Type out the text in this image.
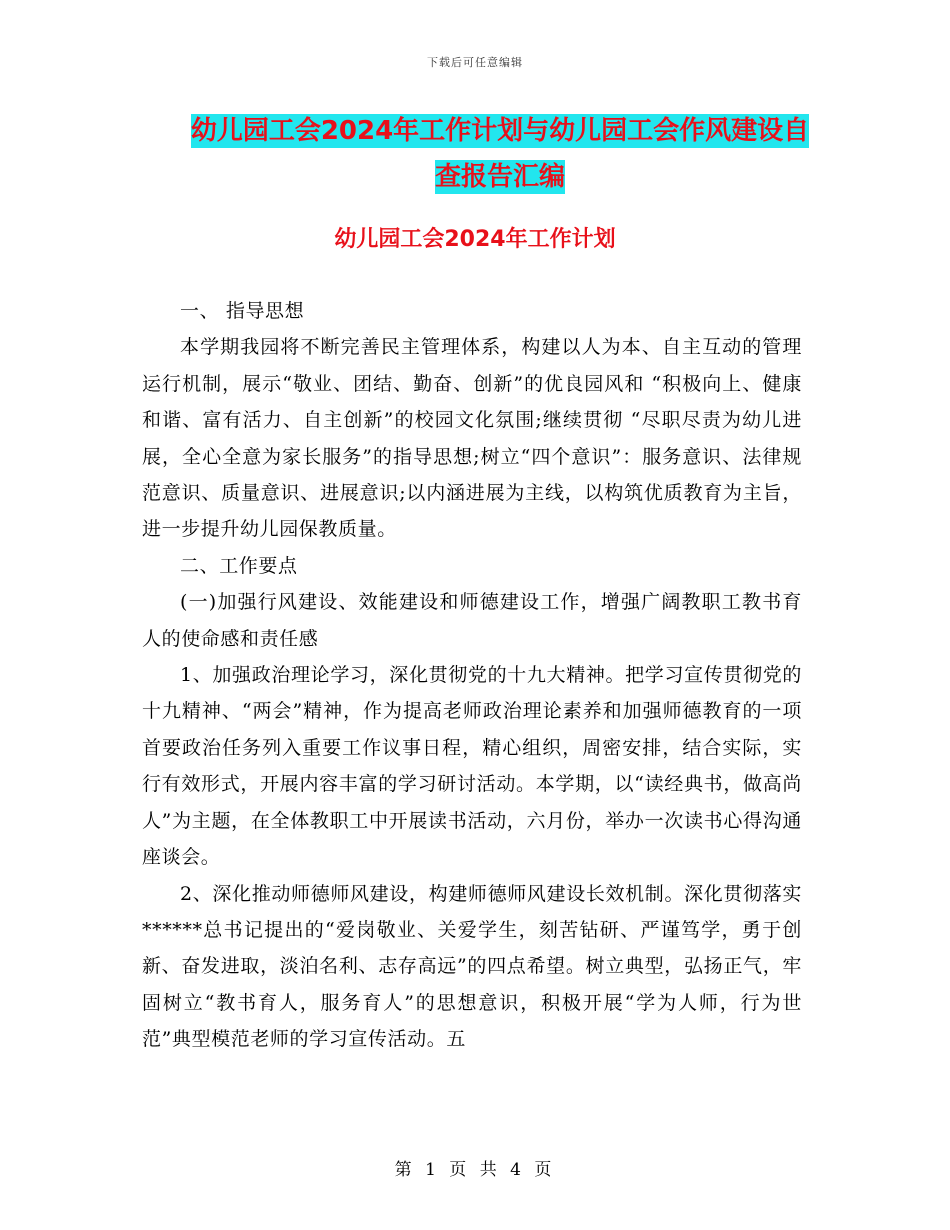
下载后可任意编辑
幼儿园工会2024年工作计划与幼儿园工会作风建设自
查报告汇编
幼儿园工会2024年工作计划

一、 指导思想

本学期我园将不断完善民主管理体系，构建以人为本、自主互动的管理运行机制，展示“敬业、团结、勤奋、创新”的优良园风和 “积极向上、健康和谐、富有活力、自主创新”的校园文化氛围;继续贯彻 “尽职尽责为幼儿进展，全心全意为家长服务”的指导思想;树立“四个意识”：服务意识、法律规范意识、质量意识、进展意识;以内涵进展为主线，以构筑优质教育为主旨，进一步提升幼儿园保教质量。

二、工作要点

(一)加强行风建设、效能建设和师德建设工作，增强广阔教职工教书育人的使命感和责任感

1、加强政治理论学习，深化贯彻党的十九大精神。把学习宣传贯彻党的十九精神、“两会”精神，作为提高老师政治理论素养和加强师德教育的一项首要政治任务列入重要工作议事日程，精心组织，周密安排，结合实际，实行有效形式，开展内容丰富的学习研讨活动。本学期，以“读经典书，做高尚人”为主题，在全体教职工中开展读书活动，六月份，举办一次读书心得沟通座谈会。

2、深化推动师德师风建设，构建师德师风建设长效机制。深化贯彻落实******总书记提出的“爱岗敬业、关爱学生，刻苦钻研、严谨笃学，勇于创新、奋发进取，淡泊名利、志存高远”的四点希望。树立典型，弘扬正气，牢固树立“教书育人，服务育人”的思想意识，积极开展“学为人师，行为世范”典型模范老师的学习宣传活动。五

第 1 页 共 4 页
